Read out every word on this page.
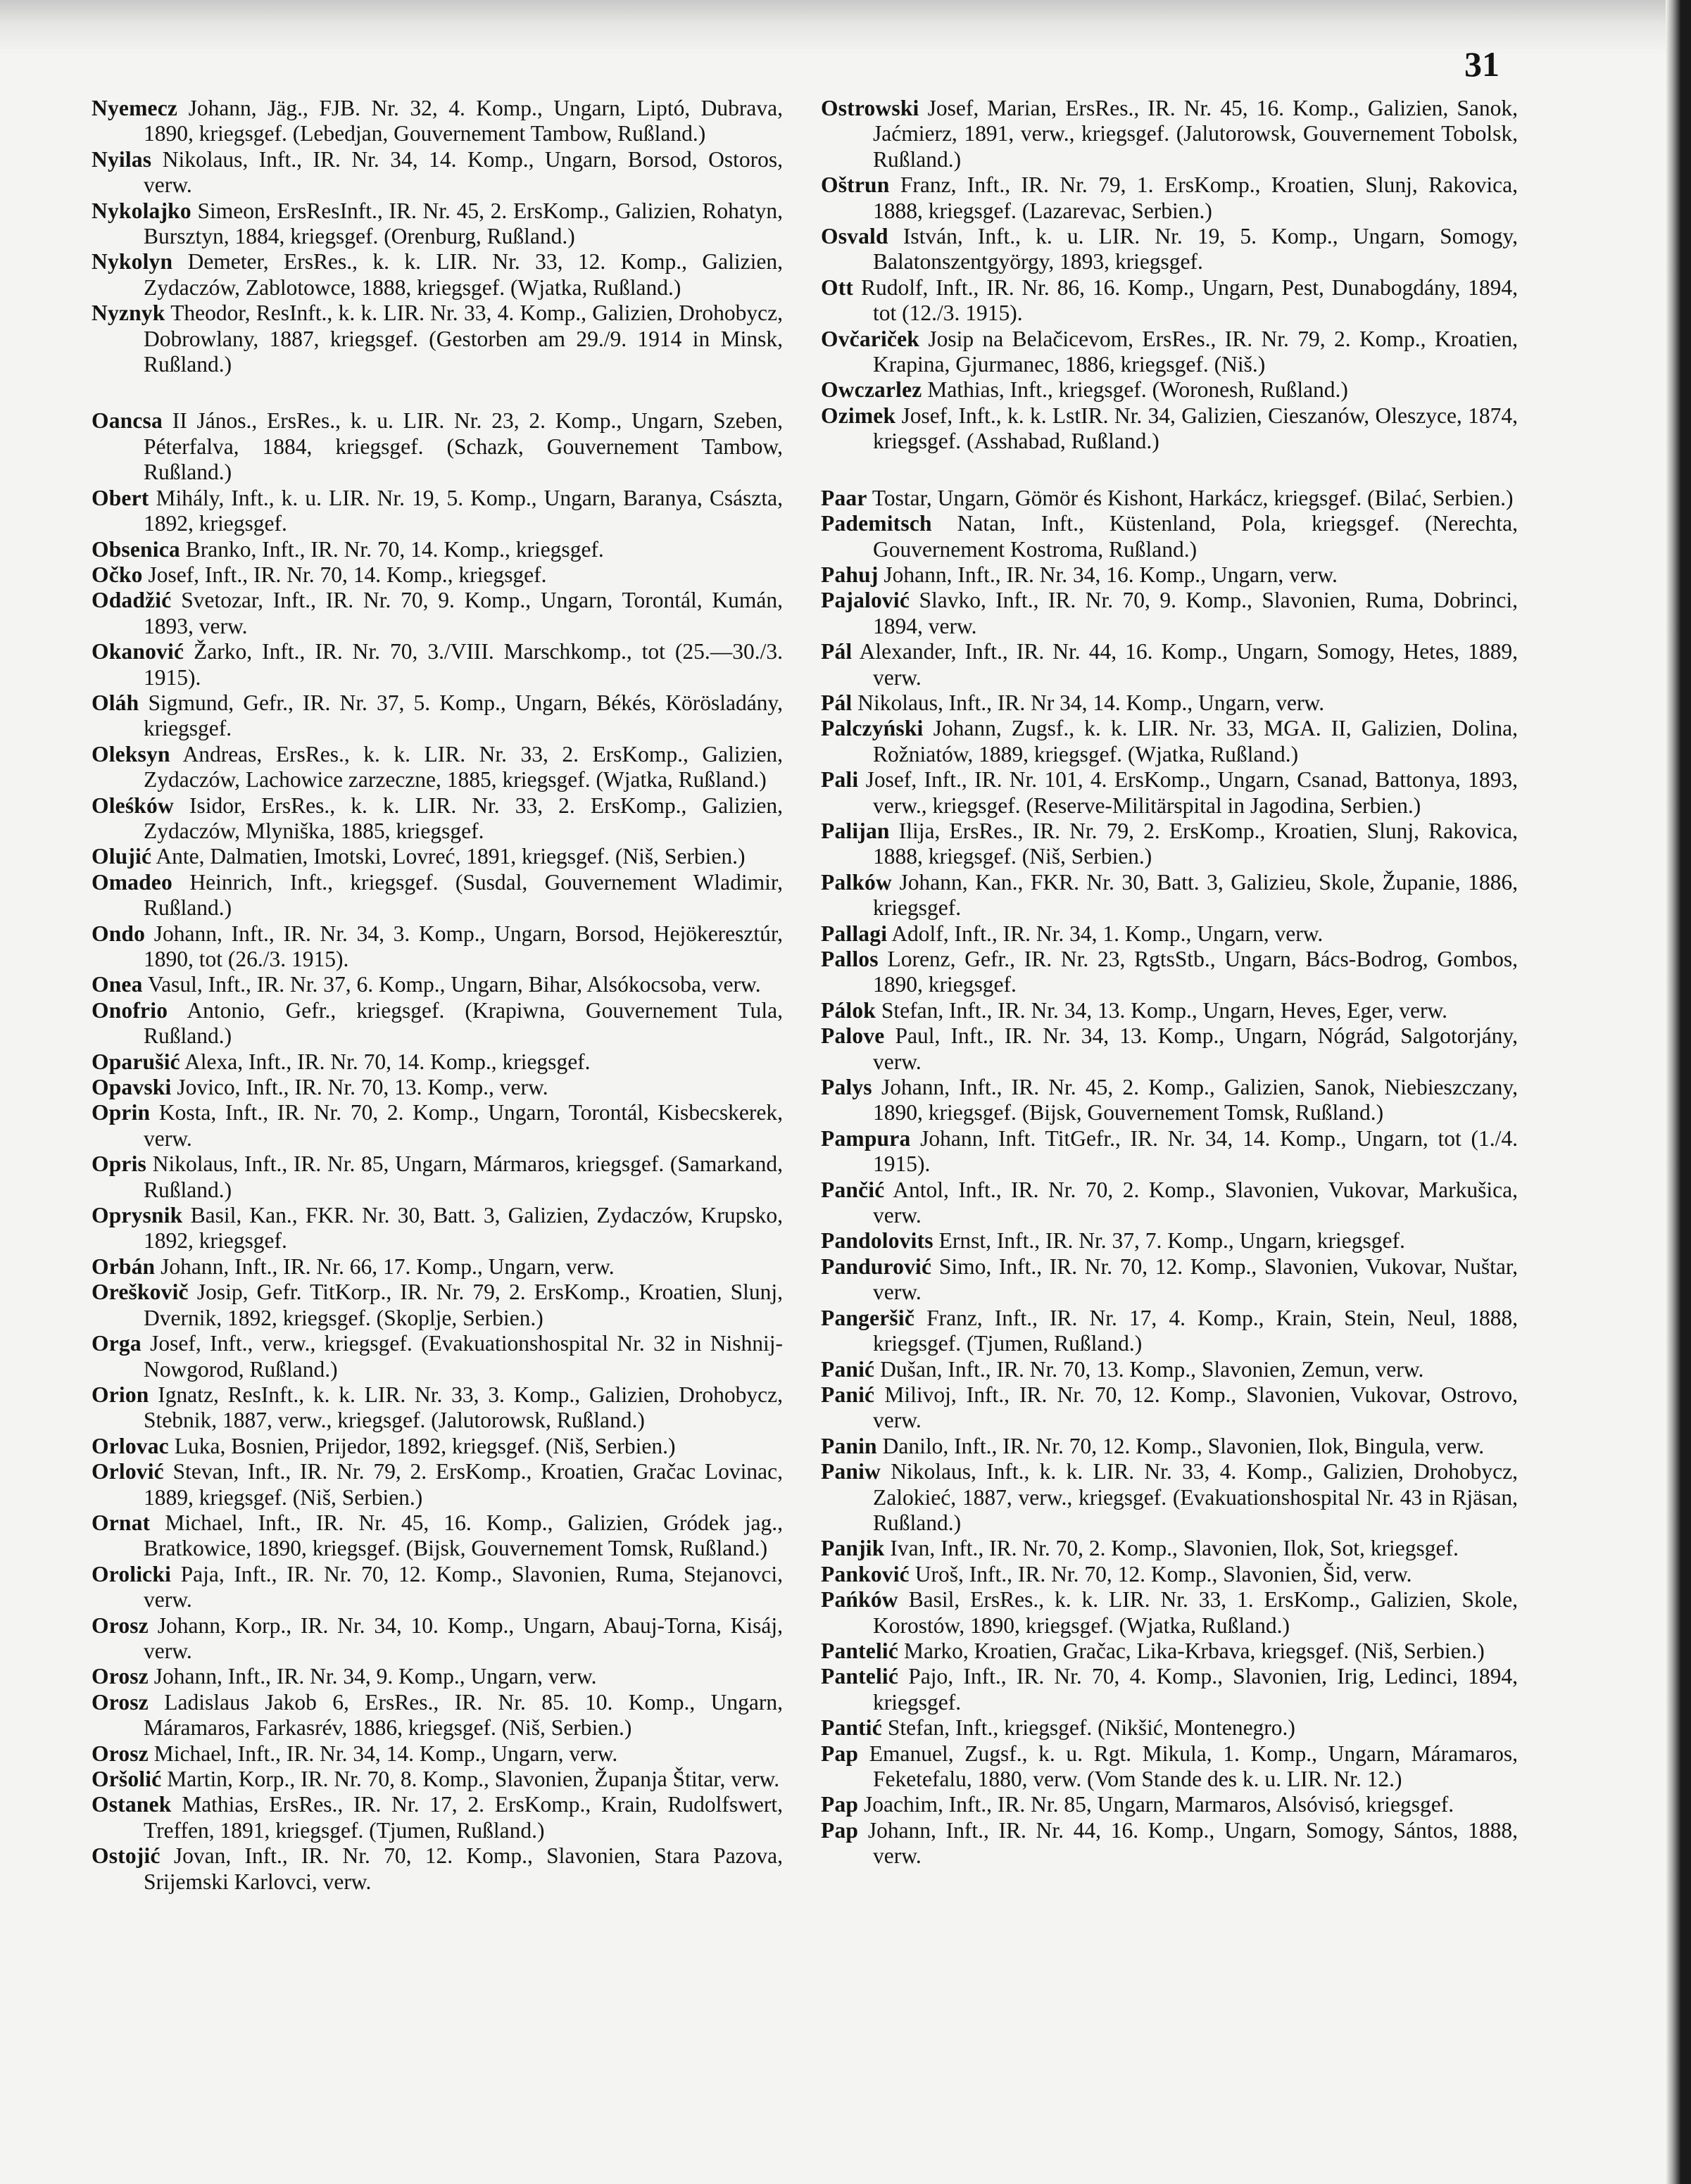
31

Nyemecz Johann, Jäg., FJB. Nr. 32, 4. Komp., Ungarn, Liptó, Dubrava, 1890, kriegsgef. (Lebedjan, Gouvernement Tambow, Rußland.)

Nyilas Nikolaus, Inft., IR. Nr. 34, 14. Komp., Ungarn, Borsod, Ostoros, verw.

Nykolajko Simeon, ErsResInft., IR. Nr. 45, 2. ErsKomp., Galizien, Rohatyn, Bursztyn, 1884, kriegsgef. (Orenburg, Rußland.)

Nykolyn Demeter, ErsRes., k. k. LIR. Nr. 33, 12. Komp., Galizien, Zydaczów, Zablotowce, 1888, kriegsgef. (Wjatka, Rußland.)

Nyznyk Theodor, ResInft., k. k. LIR. Nr. 33, 4. Komp., Galizien, Drohobycz, Dobrowlany, 1887, kriegsgef. (Gestorben am 29./9. 1914 in Minsk, Rußland.)

Oancsa II János., ErsRes., k. u. LIR. Nr. 23, 2. Komp., Ungarn, Szeben, Péterfalva, 1884, kriegsgef. (Schazk, Gouvernement Tambow, Rußland.)

Obert Mihály, Inft., k. u. LIR. Nr. 19, 5. Komp., Ungarn, Baranya, Császta, 1892, kriegsgef.

Obsenica Branko, Inft., IR. Nr. 70, 14. Komp., kriegsgef.

Očko Josef, Inft., IR. Nr. 70, 14. Komp., kriegsgef.

Odadžić Svetozar, Inft., IR. Nr. 70, 9. Komp., Ungarn, Torontál, Kumán, 1893, verw.

Okanović Žarko, Inft., IR. Nr. 70, 3./VIII. Marschkomp., tot (25.—30./3. 1915).

Oláh Sigmund, Gefr., IR. Nr. 37, 5. Komp., Ungarn, Békés, Körösladány, kriegsgef.

Oleksyn Andreas, ErsRes., k. k. LIR. Nr. 33, 2. ErsKomp., Galizien, Zydaczów, Lachowice zarzeczne, 1885, kriegsgef. (Wjatka, Rußland.)

Oleśków Isidor, ErsRes., k. k. LIR. Nr. 33, 2. ErsKomp., Galizien, Zydaczów, Mlyniška, 1885, kriegsgef.

Olujić Ante, Dalmatien, Imotski, Lovreć, 1891, kriegsgef. (Niš, Serbien.)

Omadeo Heinrich, Inft., kriegsgef. (Susdal, Gouvernement Wladimir, Rußland.)

Ondo Johann, Inft., IR. Nr. 34, 3. Komp., Ungarn, Borsod, Hejökeresztúr, 1890, tot (26./3. 1915).

Onea Vasul, Inft., IR. Nr. 37, 6. Komp., Ungarn, Bihar, Alsókocsoba, verw.

Onofrio Antonio, Gefr., kriegsgef. (Krapiwna, Gouvernement Tula, Rußland.)

Oparušić Alexa, Inft., IR. Nr. 70, 14. Komp., kriegsgef.

Opavski Jovico, Inft., IR. Nr. 70, 13. Komp., verw.

Oprin Kosta, Inft., IR. Nr. 70, 2. Komp., Ungarn, Torontál, Kisbecskerek, verw.

Opris Nikolaus, Inft., IR. Nr. 85, Ungarn, Mármaros, kriegsgef. (Samarkand, Rußland.)

Oprysnik Basil, Kan., FKR. Nr. 30, Batt. 3, Galizien, Zydaczów, Krupsko, 1892, kriegsgef.

Orbán Johann, Inft., IR. Nr. 66, 17. Komp., Ungarn, verw.

Oreškovič Josip, Gefr. TitKorp., IR. Nr. 79, 2. ErsKomp., Kroatien, Slunj, Dvernik, 1892, kriegsgef. (Skoplje, Serbien.)

Orga Josef, Inft., verw., kriegsgef. (Evakuationshospital Nr. 32 in Nishnij-Nowgorod, Rußland.)

Orion Ignatz, ResInft., k. k. LIR. Nr. 33, 3. Komp., Galizien, Drohobycz, Stebnik, 1887, verw., kriegsgef. (Jalutorowsk, Rußland.)

Orlovac Luka, Bosnien, Prijedor, 1892, kriegsgef. (Niš, Serbien.)

Orlović Stevan, Inft., IR. Nr. 79, 2. ErsKomp., Kroatien, Gračac Lovinac, 1889, kriegsgef. (Niš, Serbien.)

Ornat Michael, Inft., IR. Nr. 45, 16. Komp., Galizien, Gródek jag., Bratkowice, 1890, kriegsgef. (Bijsk, Gouvernement Tomsk, Rußland.)

Orolicki Paja, Inft., IR. Nr. 70, 12. Komp., Slavonien, Ruma, Stejanovci, verw.

Orosz Johann, Korp., IR. Nr. 34, 10. Komp., Ungarn, Abauj-Torna, Kisáj, verw.

Orosz Johann, Inft., IR. Nr. 34, 9. Komp., Ungarn, verw.

Orosz Ladislaus Jakob 6, ErsRes., IR. Nr. 85. 10. Komp., Ungarn, Máramaros, Farkasrév, 1886, kriegsgef. (Niš, Serbien.)

Orosz Michael, Inft., IR. Nr. 34, 14. Komp., Ungarn, verw.

Oršolić Martin, Korp., IR. Nr. 70, 8. Komp., Slavonien, Županja Štitar, verw.

Ostanek Mathias, ErsRes., IR. Nr. 17, 2. ErsKomp., Krain, Rudolfswert, Treffen, 1891, kriegsgef. (Tjumen, Rußland.)

Ostojić Jovan, Inft., IR. Nr. 70, 12. Komp., Slavonien, Stara Pazova, Srijemski Karlovci, verw.

Ostrowski Josef, Marian, ErsRes., IR. Nr. 45, 16. Komp., Galizien, Sanok, Jaćmierz, 1891, verw., kriegsgef. (Jalutorowsk, Gouvernement Tobolsk, Rußland.)

Oštrun Franz, Inft., IR. Nr. 79, 1. ErsKomp., Kroatien, Slunj, Rakovica, 1888, kriegsgef. (Lazarevac, Serbien.)

Osvald István, Inft., k. u. LIR. Nr. 19, 5. Komp., Ungarn, Somogy, Balatonszentgyörgy, 1893, kriegsgef.

Ott Rudolf, Inft., IR. Nr. 86, 16. Komp., Ungarn, Pest, Dunabogdány, 1894, tot (12./3. 1915).

Ovčariček Josip na Belačicevom, ErsRes., IR. Nr. 79, 2. Komp., Kroatien, Krapina, Gjurmanec, 1886, kriegsgef. (Niš.)

Owczarlez Mathias, Inft., kriegsgef. (Woronesh, Rußland.)

Ozimek Josef, Inft., k. k. LstIR. Nr. 34, Galizien, Cieszanów, Oleszyce, 1874, kriegsgef. (Asshabad, Rußland.)

Paar Tostar, Ungarn, Gömör és Kishont, Harkácz, kriegsgef. (Bilać, Serbien.)

Pademitsch Natan, Inft., Küstenland, Pola, kriegsgef. (Nerechta, Gouvernement Kostroma, Rußland.)

Pahuj Johann, Inft., IR. Nr. 34, 16. Komp., Ungarn, verw.

Pajalović Slavko, Inft., IR. Nr. 70, 9. Komp., Slavonien, Ruma, Dobrinci, 1894, verw.

Pál Alexander, Inft., IR. Nr. 44, 16. Komp., Ungarn, Somogy, Hetes, 1889, verw.

Pál Nikolaus, Inft., IR. Nr 34, 14. Komp., Ungarn, verw.

Palczyński Johann, Zugsf., k. k. LIR. Nr. 33, MGA. II, Galizien, Dolina, Rožniatów, 1889, kriegsgef. (Wjatka, Rußland.)

Pali Josef, Inft., IR. Nr. 101, 4. ErsKomp., Ungarn, Csanad, Battonya, 1893, verw., kriegsgef. (Reserve-Militärspital in Jagodina, Serbien.)

Palijan Ilija, ErsRes., IR. Nr. 79, 2. ErsKomp., Kroatien, Slunj, Rakovica, 1888, kriegsgef. (Niš, Serbien.)

Palków Johann, Kan., FKR. Nr. 30, Batt. 3, Galizieu, Skole, Županie, 1886, kriegsgef.

Pallagi Adolf, Inft., IR. Nr. 34, 1. Komp., Ungarn, verw.

Pallos Lorenz, Gefr., IR. Nr. 23, RgtsStb., Ungarn, Bács-Bodrog, Gombos, 1890, kriegsgef.

Pálok Stefan, Inft., IR. Nr. 34, 13. Komp., Ungarn, Heves, Eger, verw.

Palove Paul, Inft., IR. Nr. 34, 13. Komp., Ungarn, Nógrád, Salgotorjány, verw.

Palys Johann, Inft., IR. Nr. 45, 2. Komp., Galizien, Sanok, Niebieszczany, 1890, kriegsgef. (Bijsk, Gouvernement Tomsk, Rußland.)

Pampura Johann, Inft. TitGefr., IR. Nr. 34, 14. Komp., Ungarn, tot (1./4. 1915).

Pančić Antol, Inft., IR. Nr. 70, 2. Komp., Slavonien, Vukovar, Markušica, verw.

Pandolovits Ernst, Inft., IR. Nr. 37, 7. Komp., Ungarn, kriegsgef.

Pandurović Simo, Inft., IR. Nr. 70, 12. Komp., Slavonien, Vukovar, Nuštar, verw.

Pangeršič Franz, Inft., IR. Nr. 17, 4. Komp., Krain, Stein, Neul, 1888, kriegsgef. (Tjumen, Rußland.)

Panić Dušan, Inft., IR. Nr. 70, 13. Komp., Slavonien, Zemun, verw.

Panić Milivoj, Inft., IR. Nr. 70, 12. Komp., Slavonien, Vukovar, Ostrovo, verw.

Panin Danilo, Inft., IR. Nr. 70, 12. Komp., Slavonien, Ilok, Bingula, verw.

Paniw Nikolaus, Inft., k. k. LIR. Nr. 33, 4. Komp., Galizien, Drohobycz, Zalokieć, 1887, verw., kriegsgef. (Evakuationshospital Nr. 43 in Rjäsan, Rußland.)

Panjik Ivan, Inft., IR. Nr. 70, 2. Komp., Slavonien, Ilok, Sot, kriegsgef.

Panković Uroš, Inft., IR. Nr. 70, 12. Komp., Slavonien, Šid, verw.

Pańków Basil, ErsRes., k. k. LIR. Nr. 33, 1. ErsKomp., Galizien, Skole, Korostów, 1890, kriegsgef. (Wjatka, Rußland.)

Pantelić Marko, Kroatien, Gračac, Lika-Krbava, kriegsgef. (Niš, Serbien.)

Pantelić Pajo, Inft., IR. Nr. 70, 4. Komp., Slavonien, Irig, Ledinci, 1894, kriegsgef.

Pantić Stefan, Inft., kriegsgef. (Nikšić, Montenegro.)

Pap Emanuel, Zugsf., k. u. Rgt. Mikula, 1. Komp., Ungarn, Máramaros, Feketefalu, 1880, verw. (Vom Stande des k. u. LIR. Nr. 12.)

Pap Joachim, Inft., IR. Nr. 85, Ungarn, Marmaros, Alsóvisó, kriegsgef.

Pap Johann, Inft., IR. Nr. 44, 16. Komp., Ungarn, Somogy, Sántos, 1888, verw.
